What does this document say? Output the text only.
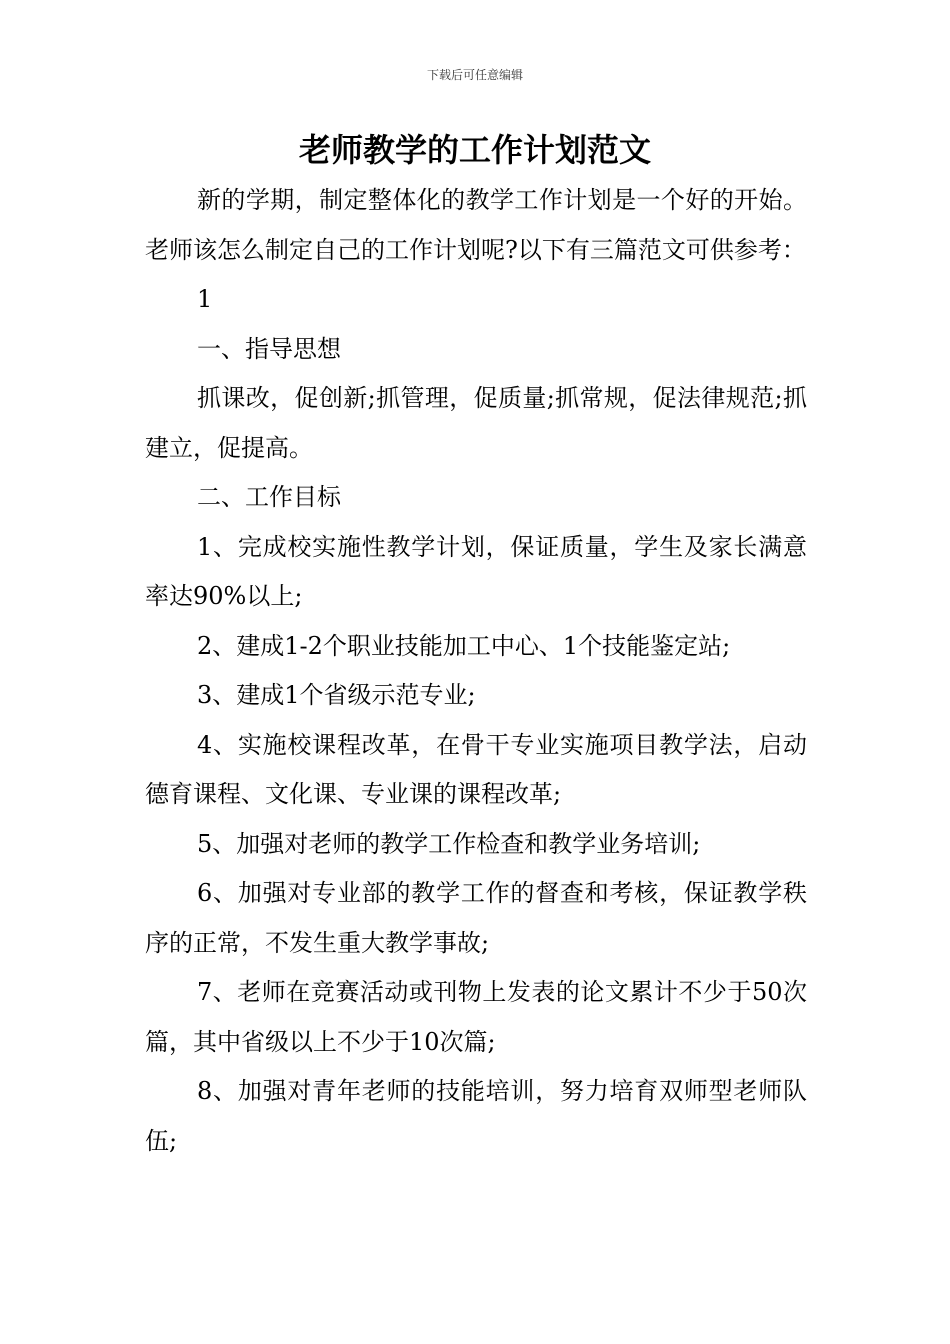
下载后可任意编辑
老师教学的工作计划范文

新的学期，制定整体化的教学工作计划是一个好的开始。老师该怎么制定自己的工作计划呢?以下有三篇范文可供参考：

1

一、指导思想

抓课改，促创新;抓管理，促质量;抓常规，促法律规范;抓建立，促提高。

二、工作目标

1、完成校实施性教学计划，保证质量，学生及家长满意率达90%以上;

2、建成1-2个职业技能加工中心、1个技能鉴定站;

3、建成1个省级示范专业;

4、实施校课程改革，在骨干专业实施项目教学法，启动德育课程、文化课、专业课的课程改革;

5、加强对老师的教学工作检查和教学业务培训;

6、加强对专业部的教学工作的督查和考核，保证教学秩序的正常，不发生重大教学事故;

7、老师在竞赛活动或刊物上发表的论文累计不少于50次篇，其中省级以上不少于10次篇;

8、加强对青年老师的技能培训，努力培育双师型老师队伍;
